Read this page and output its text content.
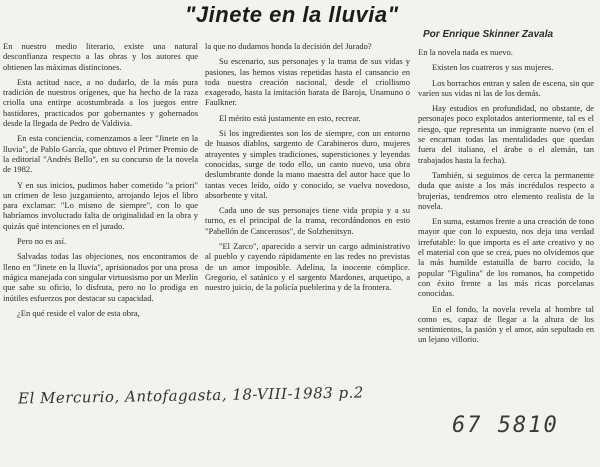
"Jinete en la lluvia"
Por Enrique Skinner Zavala

En nuestro medio literario, existe una natural desconfianza respecto a las obras y los autores que obtienen las máximas distinciones.

Esta actitud nace, a no dudarlo, de la más pura tradición de nuestros orígenes, que ha hecho de la raza criolla una entirpe acostumbrada a los juegos entre bastidores, practicados por gobernantes y gobernados desde la llegada de Pedro de Valdivia.

En esta conciencia, comenzamos a leer "Jinete en la lluvia", de Pablo García, que obtuvo el Primer Premio de la editorial "Andrés Bello", en su concurso de la novela de 1982.

Y en sus inicios, pudimos haber cometido "a priori" un crimen de leso juzgamiento, arrojando lejos el libro para exclamar: "Lo mismo de siempre", con lo que habríamos involucrado falta de originalidad en la obra y quizás qué intenciones en el jurado.

Pero no es así.

Salvadas todas las objeciones, nos encontramos de lleno en "Jinete en la lluvia", aprisionados por una prosa mágica manejada con singular virtuosismo por un Merlín que sabe su oficio, lo disfruta, pero no lo prodiga en inútiles esfuerzos por destacar su capacidad.

¿En qué reside el valor de esta obra,

la que no dudamos honda la decisión del Jurado?

Su escenario, sus personajes y la trama de sus vidas y pasiones, las hemos vistas repetidas hasta el cansancio en toda nuestra creación nacional, desde el criollismo exagerado, hasta la imitación barata de Baroja, Unamuno o Faulkner.

El mérito está justamente en esto, recrear.

Si los ingredientes son los de siempre, con un entorno de huasos diablos, sargento de Carabineros duro, mujeres atrayentes y simples tradiciones, supersticiones y leyendas conocidas, surge de todo ello, un canto nuevo, una obra deslumbrante donde la mano maestra del autor hace que lo tantas veces leído, oído y conocido, se vuelva novedoso, absorbente y vital.

Cada uno de sus personajes tiene vida propia y a su turno, es el principal de la trama, recordándonos en esto "Pabellón de Cancerosos", de Solzhenitsyn.

"El Zarco", aparecido a servir un cargo administrativo al pueblo y cayendo rápidamente en las redes no previstas de un amor imposible. Adelina, la inocente cómplice. Gregorio, el satánico y el sargento Mardones, arquetipo, a nuestro juicio, de la policía pueblerina y de la frontera.

En la novela nada es nuevo.

Existen los cuatreros y sus mujeres.

Los borrachos entran y salen de escena, sin que varíen sus vidas ni las de los demás.

Hay estudios en profundidad, no obstante, de personajes poco explotados anteriormente, tal es el riesgo, que representa un inmigrante nuevo (en el se encarnan todas las mentalidades que quedan fuera del italiano, el árabe o el alemán, tan trabajados hasta la fecha).

También, si seguimos de cerca la permanente duda que asiste a los más incrédulos respecto a brujerías, tendremos otro elemento realista de la novela.

En suma, estamos frente a una creación de tono mayor que con lo expuesto, nos deja una verdad irrefutable: lo que importa es el arte creativo y no el material con que se crea, pues no olvidemos que la más humilde estatuilla de barro cocido, la popular "Figulina" de los romanos, ha competido con éxito frente a las más ricas porcelanas conocidas.

En el fondo, la novela revela al hombre tal como es, capaz de llegar a la altura de los sentimientos, la pasión y el amor, aún sepultado en un lejano villorio.

El Mercurio, Antofagasta, 18-VIII-1983 p.2
67 5810
